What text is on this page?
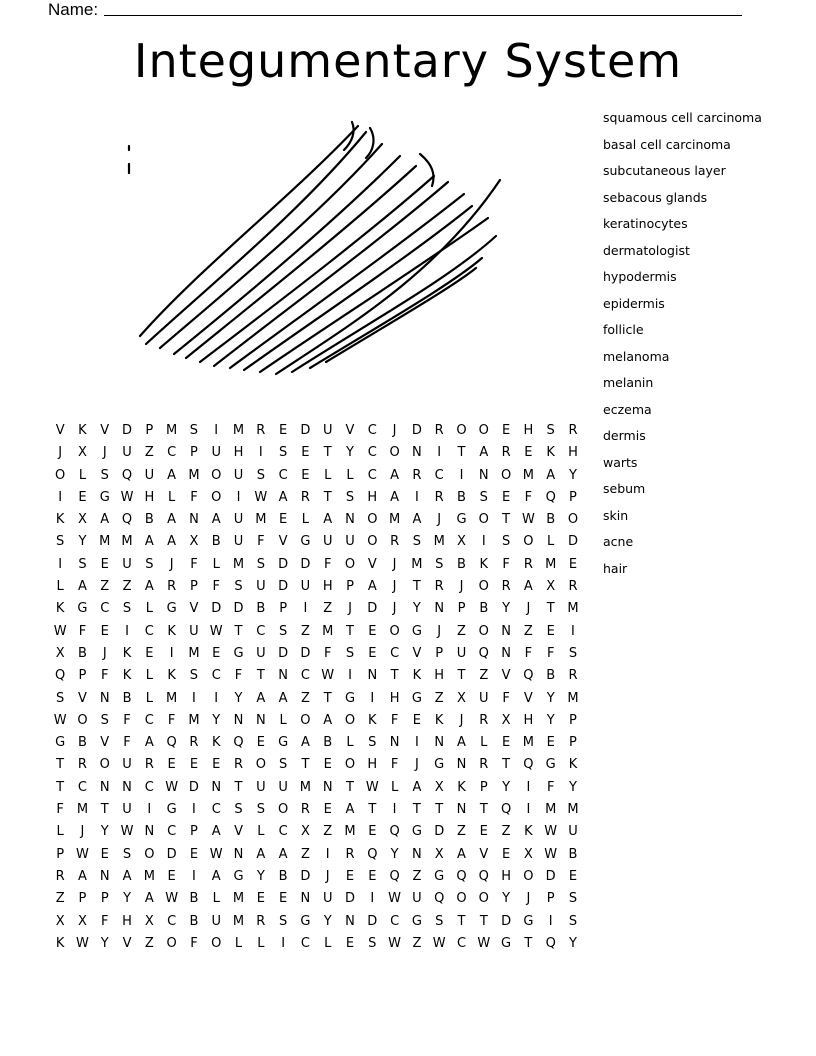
Name:
Integumentary System
squamous cell carcinoma
basal cell carcinoma
subcutaneous layer
sebacous glands
keratinocytes
dermatologist
hypodermis
epidermis
follicle
melanoma
melanin
eczema
dermis
warts
sebum
skin
acne
hair
V	K	V D	P M S	I	M R	E	D U	V	C	J	D R O O	E	H	S	R
J	X	J	U	Z	C	P	U H	I	S	E	T	Y	C O N	I	T	A	R	E	K	H
O	L	S	Q U	A M O U	S	C	E	L	L	C	A	R	C	I	N O M A	Y
I	E	G W H	L	F	O	I	W A	R	T	S	H A	I	R	B	S	E	F	Q	P
K	X	A Q B	A N A	U M E	L	A N O M A	J	G O	T W B O
S	Y M M A	A	X	B	U	F	V G U U O R	S M X	I	S	O	L	D
I	S	E	U	S	J	F	L	M S	D D	F	O V	J	M S	B	K	F	R M E
L	A	Z	Z	A	R	P	F	S	U D U H	P	A	J	T	R	J	O R	A	X	R
K	G C	S	L	G V D D B	P	I	Z	J	D	J	Y	N	P	B	Y	J	T M
W F	E	I	C	K	U W T	C	S	Z M T	E	O G	J	Z O N Z	E	I
X	B	J	K	E	I	M E	G U D D	F	S	E	C	V	P	U Q N	F	F	S
Q	P	F	K	L	K	S	C	F	T	N C W	I	N	T	K	H	T	Z	V Q B	R
S	V N B	L	M	I	I	Y	A	A	Z	T	G	I	H G Z	X	U	F	V	Y M
W O	S	F	C	F M Y	N N	L	O A O K	F	E	K	J	R	X H	Y	P
G B	V	F	A Q R	K Q	E	G A	B	L	S	N	I	N A	L	E M E	P
T	R O U	R	E	E	E	R O	S	T	E	O H	F	J	G N R	T	Q G K
T	C N N C W D N	T	U U M N	T W L	A	X	K	P	Y	I	F	Y
F M T	U	I	G	I	C	S	S	O R	E	A	T	I	T	T	N	T	Q	I	M M
L	J	Y W N C	P	A	V	L	C	X	Z M E	Q G D Z	E	Z	K W U
P W E	S	O D	E W N A	A	Z	I	R Q	Y	N X	A	V	E	X W B
R	A N A M E	I	A G	Y	B D	J	E	E	Q Z G Q Q H O D	E
Z	P	P	Y	A W B	L	M E	E	N U D	I	W U Q O O	Y	J	P	S
X	X	F	H X	C	B	U M R	S	G	Y	N D C G	S	T	T	D G	I	S
K W Y	V	Z O	F	O	L	L	I	C	L	E	S W Z W C W G	T	Q	Y
